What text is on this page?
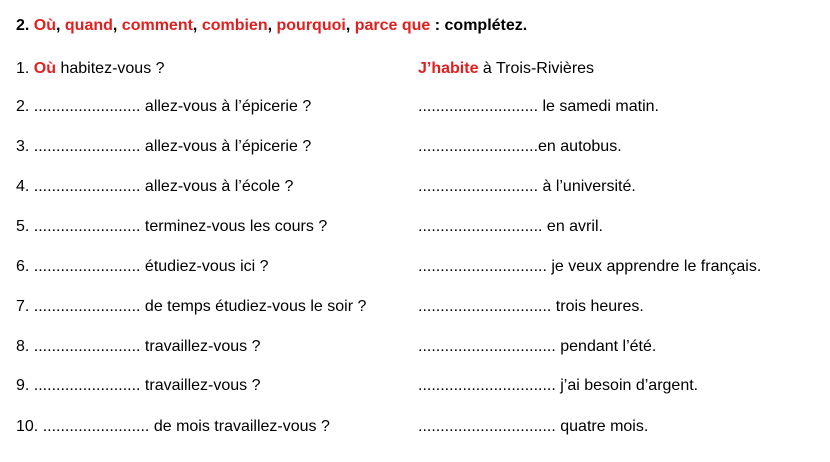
2. Où, quand, comment, combien, pourquoi, parce que : complétez.
1. Où habitez-vous ?	J’habite à Trois-Rivières
2. ........................ allez-vous à l’épicerie ?	........................... le samedi matin.
3. ........................ allez-vous à l’épicerie ?	...........................en autobus.
4. ........................ allez-vous à l’école ?	........................... à l’université.
5. ........................ terminez-vous les cours ?	............................ en avril.
6. ........................ étudiez-vous ici ?	............................. je veux apprendre le français.
7. ........................ de temps étudiez-vous le soir ?	.............................. trois heures.
8. ........................ travaillez-vous ?	............................... pendant l’été.
9. ........................ travaillez-vous ?	............................... j’ai besoin d’argent.
10. ........................ de mois travaillez-vous ?	............................... quatre mois.
